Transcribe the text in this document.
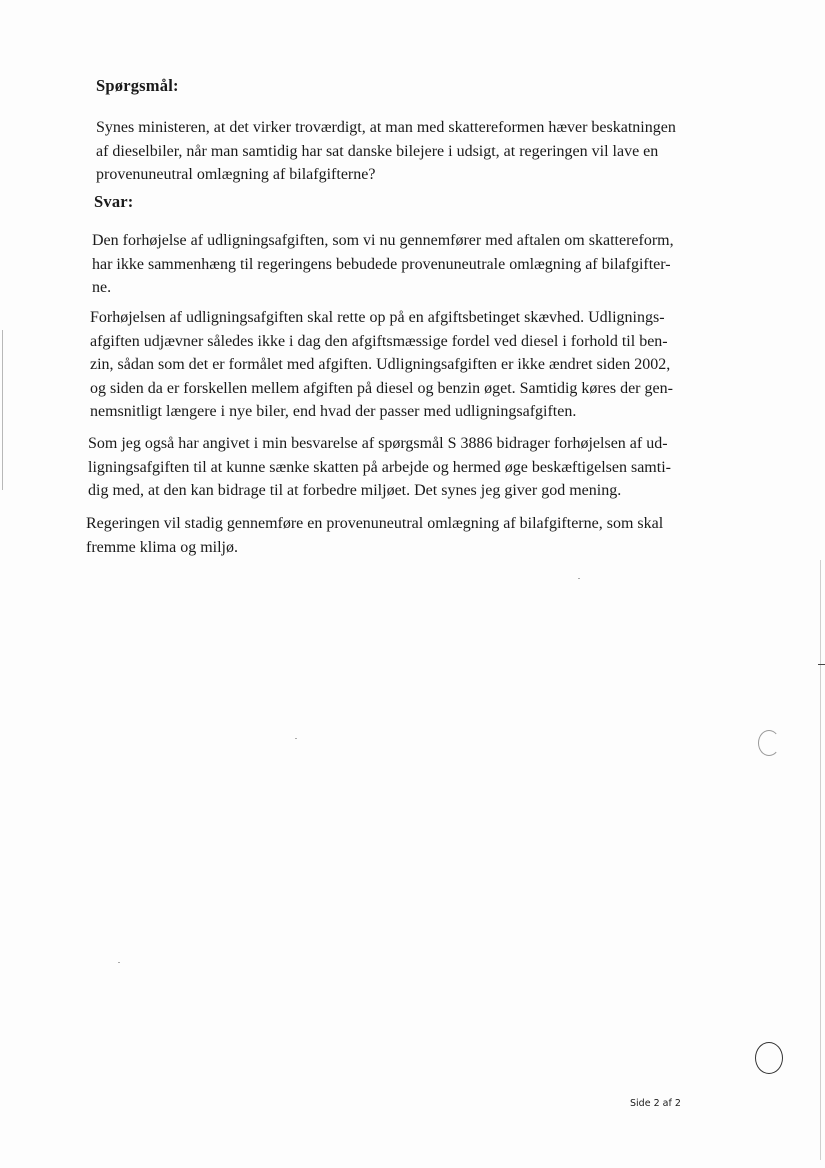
Spørgsmål:
Synes ministeren, at det virker troværdigt, at man med skattereformen hæver beskatningen
af dieselbiler, når man samtidig har sat danske bilejere i udsigt, at regeringen vil lave en
provenuneutral omlægning af bilafgifterne?
Svar:
Den forhøjelse af udligningsafgiften, som vi nu gennemfører med aftalen om skattereform,
har ikke sammenhæng til regeringens bebudede provenuneutrale omlægning af bilafgifter-
ne.
Forhøjelsen af udligningsafgiften skal rette op på en afgiftsbetinget skævhed. Udlignings-
afgiften udjævner således ikke i dag den afgiftsmæssige fordel ved diesel i forhold til ben-
zin, sådan som det er formålet med afgiften. Udligningsafgiften er ikke ændret siden 2002,
og siden da er forskellen mellem afgiften på diesel og benzin øget. Samtidig køres der gen-
nemsnitligt længere i nye biler, end hvad der passer med udligningsafgiften.
Som jeg også har angivet i min besvarelse af spørgsmål S 3886 bidrager forhøjelsen af ud-
ligningsafgiften til at kunne sænke skatten på arbejde og hermed øge beskæftigelsen samti-
dig med, at den kan bidrage til at forbedre miljøet. Det synes jeg giver god mening.
Regeringen vil stadig gennemføre en provenuneutral omlægning af bilafgifterne, som skal
fremme klima og miljø.
Side 2 af 2
